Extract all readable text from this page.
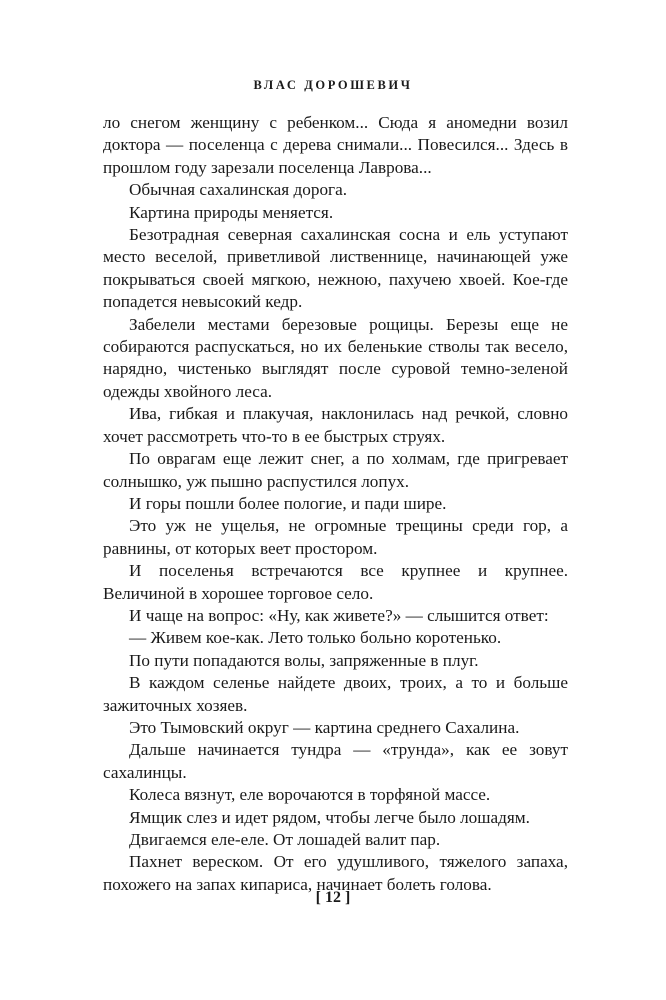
ВЛАС ДОРОШЕВИЧ

ло снегом женщину с ребенком... Сюда я аномедни возил доктора — поселенца с дерева снимали... Повесился... Здесь в прошлом году зарезали поселенца Лаврова...

Обычная сахалинская дорога.

Картина природы меняется.

Безотрадная северная сахалинская сосна и ель уступают место веселой, приветливой лиственнице, начинающей уже покрываться своей мягкою, нежною, пахучею хвоей. Кое-где попадется невысокий кедр.

Забелели местами березовые рощицы. Березы еще не собираются распускаться, но их беленькие стволы так весело, нарядно, чистенько выглядят после суровой темно-зеленой одежды хвойного леса.

Ива, гибкая и плакучая, наклонилась над речкой, словно хочет рассмотреть что-то в ее быстрых струях.

По оврагам еще лежит снег, а по холмам, где пригревает солнышко, уж пышно распустился лопух.

И горы пошли более пологие, и пади шире.

Это уж не ущелья, не огромные трещины среди гор, а равнины, от которых веет простором.

И поселенья встречаются все крупнее и крупнее. Величиной в хорошее торговое село.

И чаще на вопрос: «Ну, как живете?» — слышится ответ:

— Живем кое-как. Лето только больно коротенько.

По пути попадаются волы, запряженные в плуг.

В каждом селенье найдете двоих, троих, а то и больше зажиточных хозяев.

Это Тымовский округ — картина среднего Сахалина.

Дальше начинается тундра — «трунда», как ее зовут сахалинцы.

Колеса вязнут, еле ворочаются в торфяной массе.

Ямщик слез и идет рядом, чтобы легче было лошадям.

Двигаемся еле-еле. От лошадей валит пар.

Пахнет вереском. От его удушливого, тяжелого запаха, похожего на запах кипариса, начинает болеть голова.

[ 12 ]
